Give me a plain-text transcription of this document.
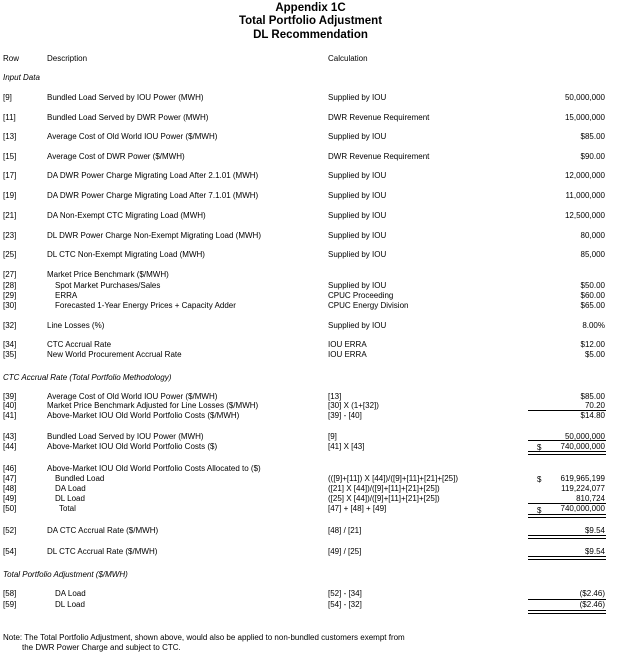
Appendix 1C
Total Portfolio Adjustment
DL Recommendation
Row	Description	Calculation
Input Data
CTC Accrual Rate (Total Portfolio Methodology)
Total Portfolio Adjustment ($/MWH)
[9]	Bundled Load Served by IOU Power (MWH)	Supplied by IOU	50,000,000
[11]	Bundled Load Served by DWR Power (MWH)	DWR Revenue Requirement	15,000,000
[13]	Average Cost of Old World IOU Power ($/MWH)	Supplied by IOU	$85.00
[15]	Average Cost of DWR Power ($/MWH)	DWR Revenue Requirement	$90.00
[17]	DA DWR Power Charge Migrating Load After 2.1.01 (MWH)	Supplied by IOU	12,000,000
[19]	DA DWR Power Charge Migrating Load After 7.1.01 (MWH)	Supplied by IOU	11,000,000
[21]	DA Non-Exempt CTC Migrating Load (MWH)	Supplied by IOU	12,500,000
[23]	DL DWR Power Charge Non-Exempt Migrating Load (MWH)	Supplied by IOU	80,000
[25]	DL CTC Non-Exempt Migrating Load (MWH)	Supplied by IOU	85,000
[27]	Market Price Benchmark ($/MWH)
[28]	Spot Market Purchases/Sales	Supplied by IOU	$50.00
[29]	ERRA	CPUC Proceeding	$60.00
[30]	Forecasted 1-Year Energy Prices + Capacity Adder	CPUC Energy Division	$65.00
[32]	Line Losses (%)	Supplied by IOU	8.00%
[34]	CTC Accrual Rate	IOU ERRA	$12.00
[35]	New World Procurement Accrual Rate	IOU ERRA	$5.00
[39]	Average Cost of Old World IOU Power ($/MWH)	[13]	$85.00
[40]	Market Price Benchmark Adjusted for Line Losses ($/MWH)	[30] X (1+[32])	70.20
[41]	Above-Market IOU Old World Portfolio Costs ($/MWH)	[39] - [40]	$14.80
[43]	Bundled Load Served by IOU Power (MWH)	[9]	50,000,000
[44]	Above-Market IOU Old World Portfolio Costs ($)	[41] X [43]	740,000,000
[46]	Above-Market IOU Old World Portfolio Costs Allocated to ($)
[47]	Bundled Load	(([9]+[11]) X [44])/([9]+[11]+[21]+[25])	619,965,199
[48]	DA Load	([21] X [44])/([9]+[11]+[21]+[25])	119,224,077
[49]	DL Load	([25] X [44])/([9]+[11]+[21]+[25])	810,724
[50]	Total	[47] + [48] + [49]	740,000,000
[52]	DA CTC Accrual Rate ($/MWH)	[48] / [21]	$9.54
[54]	DL CTC Accrual Rate ($/MWH)	[49] / [25]	$9.54
[58]	DA Load	[52] - [34]	($2.46)
[59]	DL Load	[54] - [32]	($2.46)
$
$
$
Note: The Total Portfolio Adjustment, shown above, would also be applied to non-bundled customers exempt from
the DWR Power Charge and subject to CTC.
